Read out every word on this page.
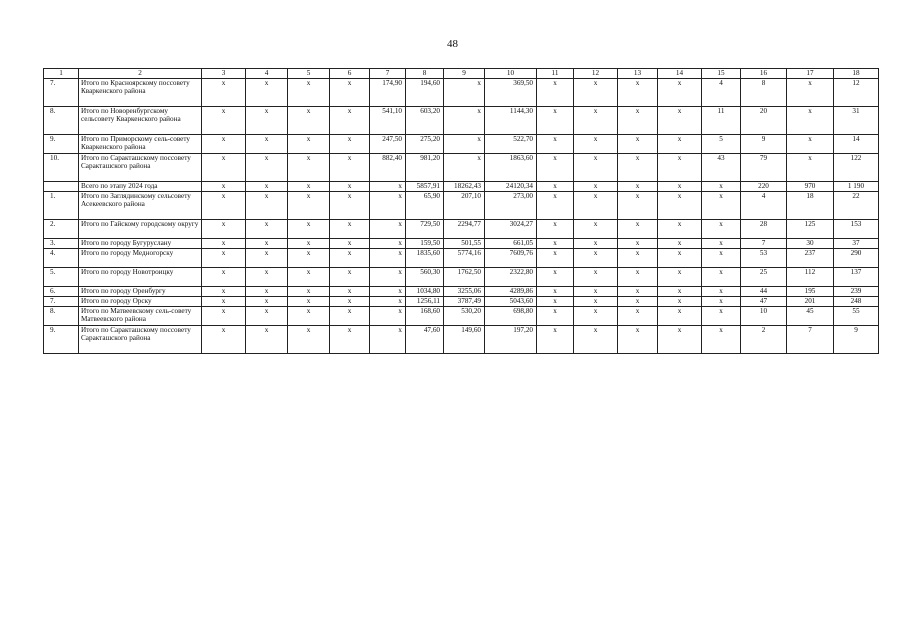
48
1	2	3	4	5	6	7	8	9	10	11	12	13	14	15	16	17	18
7.	Итого по Красноярскому поссовету Кваркенского района	х	х	х	х	174,90	194,60	х	369,50	х	х	х	х	4	8	х	12
8.	Итого по Новоренбургскому сельсовету Кваркенского района	х	х	х	х	541,10	603,20	х	1144,30	х	х	х	х	11	20	х	31
9.	Итого по Приморскому сель-совету Кваркенского района	х	х	х	х	247,50	275,20	х	522,70	х	х	х	х	5	9	х	14
10.	Итого по Саракташскому поссовету Саракташского района	х	х	х	х	882,40	981,20	х	1863,60	х	х	х	х	43	79	х	122
	Всего по этапу 2024 года	х	х	х	х	х	5857,91	18262,43	24120,34	х	х	х	х	х	220	970	1 190
1.	Итого по Заглядинскому сельсовету Асекеевского района	х	х	х	х	х	65,90	207,10	273,00	х	х	х	х	х	4	18	22
2.	Итого по Гайскому городскому округу	х	х	х	х	х	729,50	2294,77	3024,27	х	х	х	х	х	28	125	153
3.	Итого по городу Бугуруслану	х	х	х	х	х	159,50	501,55	661,05	х	х	х	х	х	7	30	37
4.	Итого по городу Медногорску	х	х	х	х	х	1835,60	5774,16	7609,76	х	х	х	х	х	53	237	290
5.	Итого по городу Новотроицку	х	х	х	х	х	560,30	1762,50	2322,80	х	х	х	х	х	25	112	137
6.	Итого по городу Оренбургу	х	х	х	х	х	1034,80	3255,06	4289,86	х	х	х	х	х	44	195	239
7.	Итого по городу Орску	х	х	х	х	х	1256,11	3787,49	5043,60	х	х	х	х	х	47	201	248
8.	Итого по Матвеевскому сель-совету Матвеевского района	х	х	х	х	х	168,60	530,20	698,80	х	х	х	х	х	10	45	55
9.	Итого по Саракташскому поссовету Саракташского района	х	х	х	х	х	47,60	149,60	197,20	х	х	х	х	х	2	7	9
